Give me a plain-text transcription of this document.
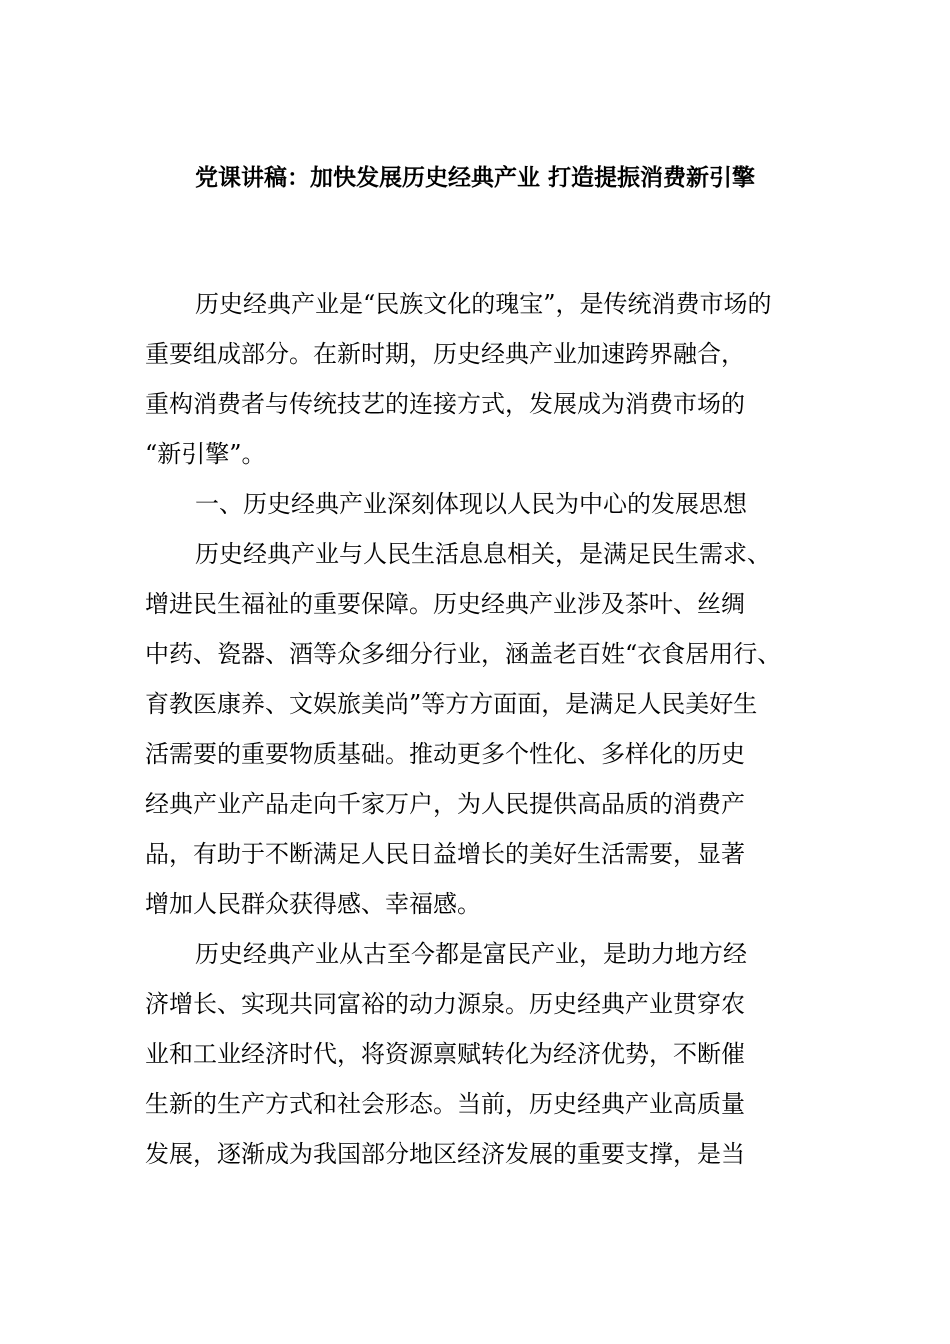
党课讲稿：加快发展历史经典产业 打造提振消费新引擎
历史经典产业是“民族文化的瑰宝”，是传统消费市场的
重要组成部分。在新时期，历史经典产业加速跨界融合，
重构消费者与传统技艺的连接方式，发展成为消费市场的
“新引擎”。
一、历史经典产业深刻体现以人民为中心的发展思想
历史经典产业与人民生活息息相关，是满足民生需求、
增进民生福祉的重要保障。历史经典产业涉及茶叶、丝绸
中药、瓷器、酒等众多细分行业，涵盖老百姓“衣食居用行、
育教医康养、文娱旅美尚”等方方面面，是满足人民美好生
活需要的重要物质基础。推动更多个性化、多样化的历史
经典产业产品走向千家万户，为人民提供高品质的消费产
品，有助于不断满足人民日益增长的美好生活需要，显著
增加人民群众获得感、幸福感。
历史经典产业从古至今都是富民产业，是助力地方经
济增长、实现共同富裕的动力源泉。历史经典产业贯穿农
业和工业经济时代，将资源禀赋转化为经济优势，不断催
生新的生产方式和社会形态。当前，历史经典产业高质量
发展，逐渐成为我国部分地区经济发展的重要支撑，是当
